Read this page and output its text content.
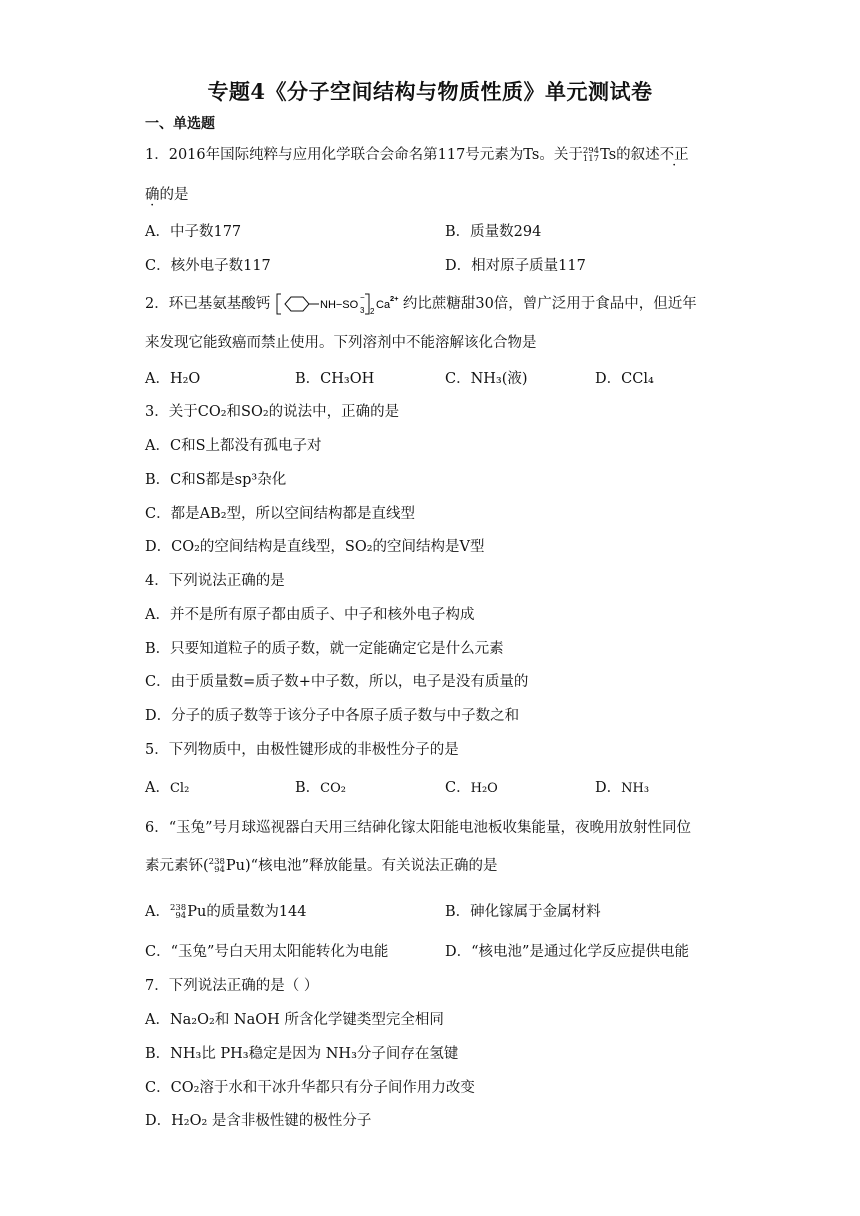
专题4《分子空间结构与物质性质》单元测试卷
一、单选题
1．2016年国际纯粹与应用化学联合会命名第117号元素为Ts。关于 294
117 Ts的叙述不正
确的是
A．中子数177	B．质量数294
C．核外电子数117	D．相对原子质量117
2．环已基氨基酸钙	NH−SO
−
3 2
Ca
2+ 约比蔗糖甜30倍，曾广泛用于食品中，但近年
来发现它能致癌而禁止使用。下列溶剂中不能溶解该化合物是
A．H₂O	B．CH₃OH	C．NH₃(液)	D．CCl₄
3．关于CO₂和SO₂的说法中，正确的是
A．C和S上都没有孤电子对
B．C和S都是sp³杂化
C．都是AB₂型，所以空间结构都是直线型
D．CO₂的空间结构是直线型，SO₂的空间结构是V型
4．下列说法正确的是
A．并不是所有原子都由质子、中子和核外电子构成
B．只要知道粒子的质子数，就一定能确定它是什么元素
C．由于质量数=质子数+中子数，所以，电子是没有质量的
D．分子的质子数等于该分子中各原子质子数与中子数之和
5．下列物质中，由极性键形成的非极性分子的是
A．Cl₂	B．CO₂	C．H₂O	D．NH₃
6．“玉兔”号月球巡视器白天用三结砷化镓太阳能电池板收集能量，夜晚用放射性同位
素元素钚( 238
94 Pu)“核电池”释放能量。有关说法正确的是
A． 238
94 Pu的质量数为144	B．砷化镓属于金属材料
C．“玉兔”号白天用太阳能转化为电能	D．“核电池”是通过化学反应提供电能
7．下列说法正确的是（ ）
A．Na₂O₂和 NaOH 所含化学键类型完全相同
B．NH₃比 PH₃稳定是因为 NH₃分子间存在氢键
C．CO₂溶于水和干冰升华都只有分子间作用力改变
D．H₂O₂ 是含非极性键的极性分子
